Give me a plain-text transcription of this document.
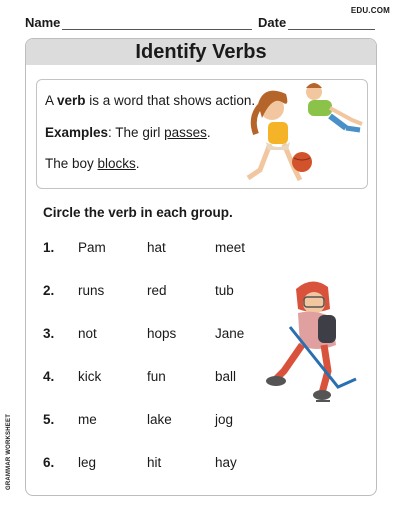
Name	Date
EDU.COM
Identify Verbs
A verb is a word that shows action.
Examples: The girl passes.
The boy blocks.
Circle the verb in each group.
1. Pam	hat	meet
2. runs	red	tub
3. not	hops	Jane
4. kick	fun	ball
5. me	lake	jog
6. leg	hit	hay
GRAMMAR WORKSHEET
